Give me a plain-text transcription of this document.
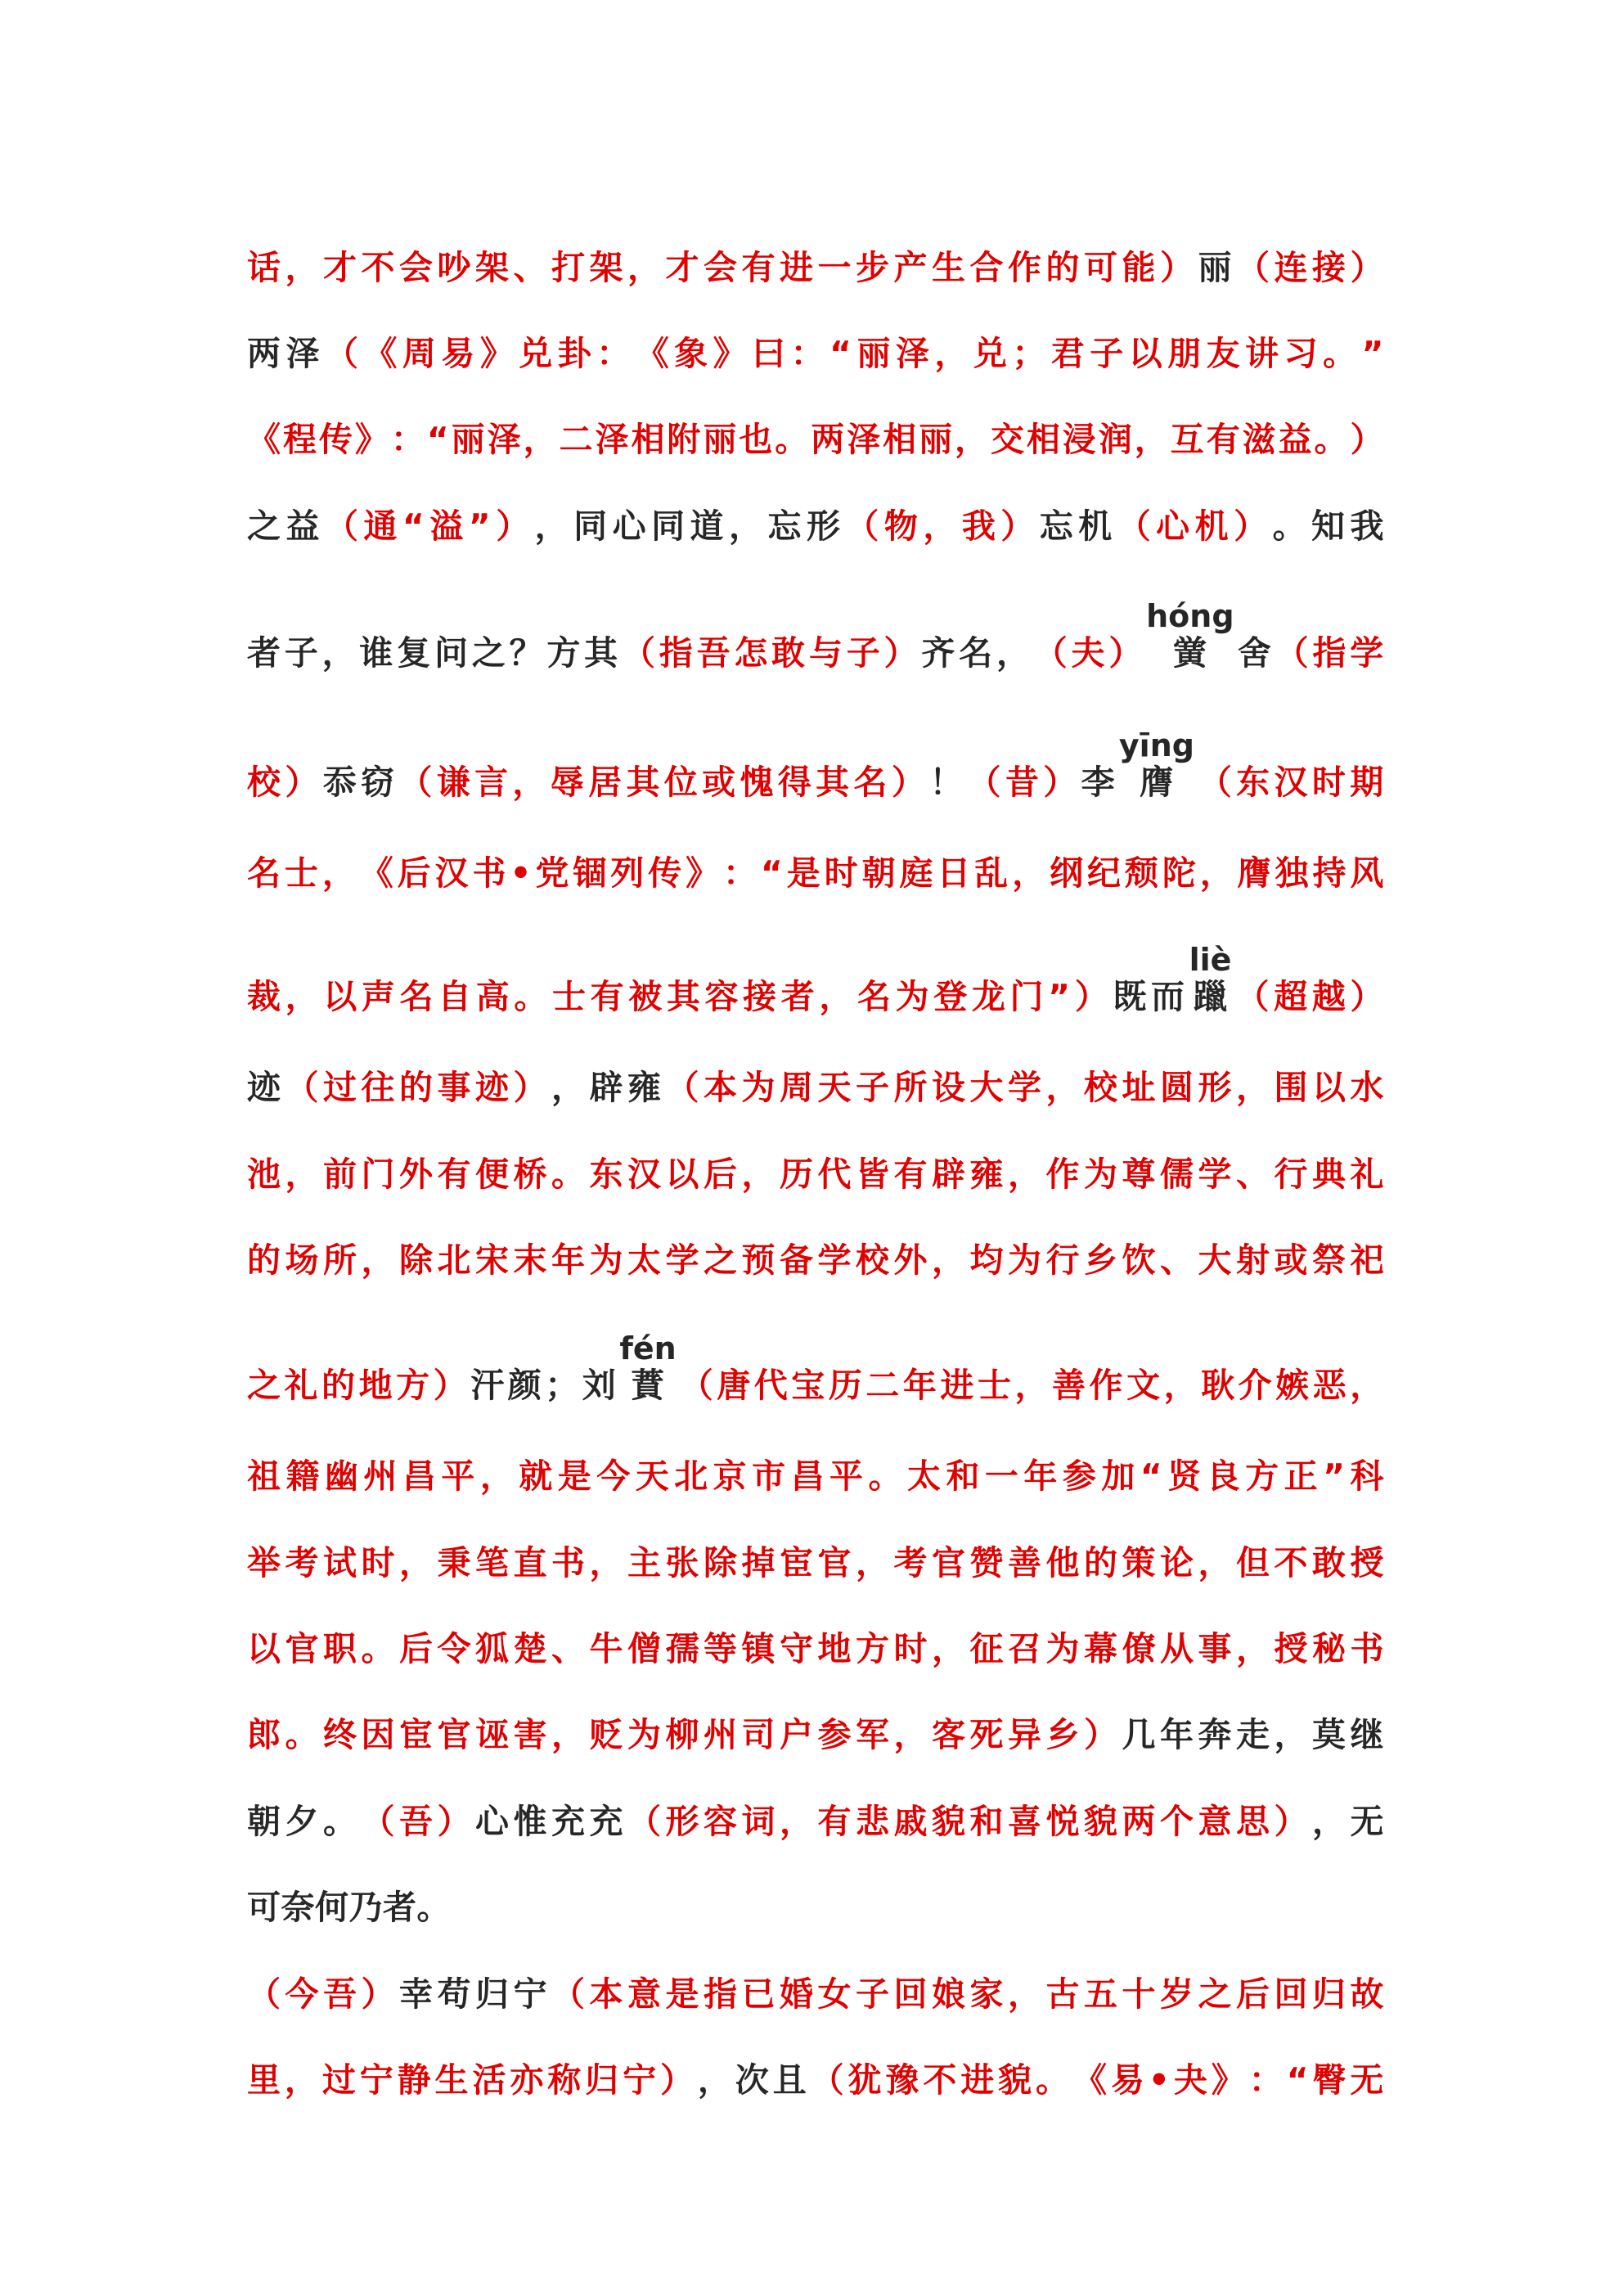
话 ， 才 不 会 吵 架 、 打 架 ， 才 会 有 进 一 步 产 生 合 作 的 可 能 ） 丽 （ 连 接 ）
两 泽 （ 《 周 易 》 兑 卦 ： 《 象 》 曰 ： “ 丽 泽 ， 兑 ； 君 子 以 朋 友 讲 习 。 ”
《 程 传 》 ： “ 丽 泽 ， 二 泽 相 附 丽 也 。 两 泽 相 丽 ， 交 相 浸 润 ， 互 有 滋 益 。 ）
之 益 （ 通 “ 溢 ” ） ， 同 心 同 道 ， 忘 形 （ 物 ， 我 ） 忘 机 （ 心 机 ） 。 知 我
者 子 ， 谁 复 问 之 ？ 方 其 （ 指 吾 怎 敢 与 子 ） 齐 名 ， （ 夫 ） 黉hóng
舍 （ 指 学
校 ） 忝 窃 （ 谦 言 ， 辱 居 其 位 或 愧 得 其 名 ） ！ （ 昔 ） 李 膺yīng
（ 东 汉 时 期
名 士 ， 《 后 汉 书 • 党 锢 列 传 》 ： “ 是 时 朝 庭 日 乱 ， 纲 纪 颓 陀 ， 膺 独 持 风
裁 ， 以 声 名 自 高 。 士 有 被 其 容 接 者 ， 名 为 登 龙 门 ” ） 既 而 躐liè
（ 超 越 ）
迹 （ 过 往 的 事 迹 ） ， 辟 雍 （ 本 为 周 天 子 所 设 大 学 ， 校 址 圆 形 ， 围 以 水
池 ， 前 门 外 有 便 桥 。 东 汉 以 后 ， 历 代 皆 有 辟 雍 ， 作 为 尊 儒 学 、 行 典 礼
的 场 所 ， 除 北 宋 末 年 为 太 学 之 预 备 学 校 外 ， 均 为 行 乡 饮 、 大 射 或 祭 祀
之 礼 的 地 方 ） 汗 颜 ； 刘 蕡fén
（ 唐 代 宝 历 二 年 进 士 ， 善 作 文 ， 耿 介 嫉 恶 ，
祖 籍 幽 州 昌 平 ， 就 是 今 天 北 京 市 昌 平 。 太 和 一 年 参 加 “ 贤 良 方 正 ” 科
举 考 试 时 ， 秉 笔 直 书 ， 主 张 除 掉 宦 官 ， 考 官 赞 善 他 的 策 论 ， 但 不 敢 授
以 官 职 。 后 令 狐 楚 、 牛 僧 孺 等 镇 守 地 方 时 ， 征 召 为 幕 僚 从 事 ， 授 秘 书
郎 。 终 因 宦 官 诬 害 ， 贬 为 柳 州 司 户 参 军 ， 客 死 异 乡 ） 几 年 奔 走 ， 莫 继
朝 夕 。 （ 吾 ） 心 惟 充 充 （ 形 容 词 ， 有 悲 戚 貌 和 喜 悦 貌 两 个 意 思 ） ， 无
可奈何乃者。
（ 今 吾 ） 幸 苟 归 宁 （ 本 意 是 指 已 婚 女 子 回 娘 家 ， 古 五 十 岁 之 后 回 归 故
里 ， 过 宁 静 生 活 亦 称 归 宁 ） ， 次 且 （ 犹 豫 不 进 貌 。 《 易 • 夬 》 ： “ 臀 无
